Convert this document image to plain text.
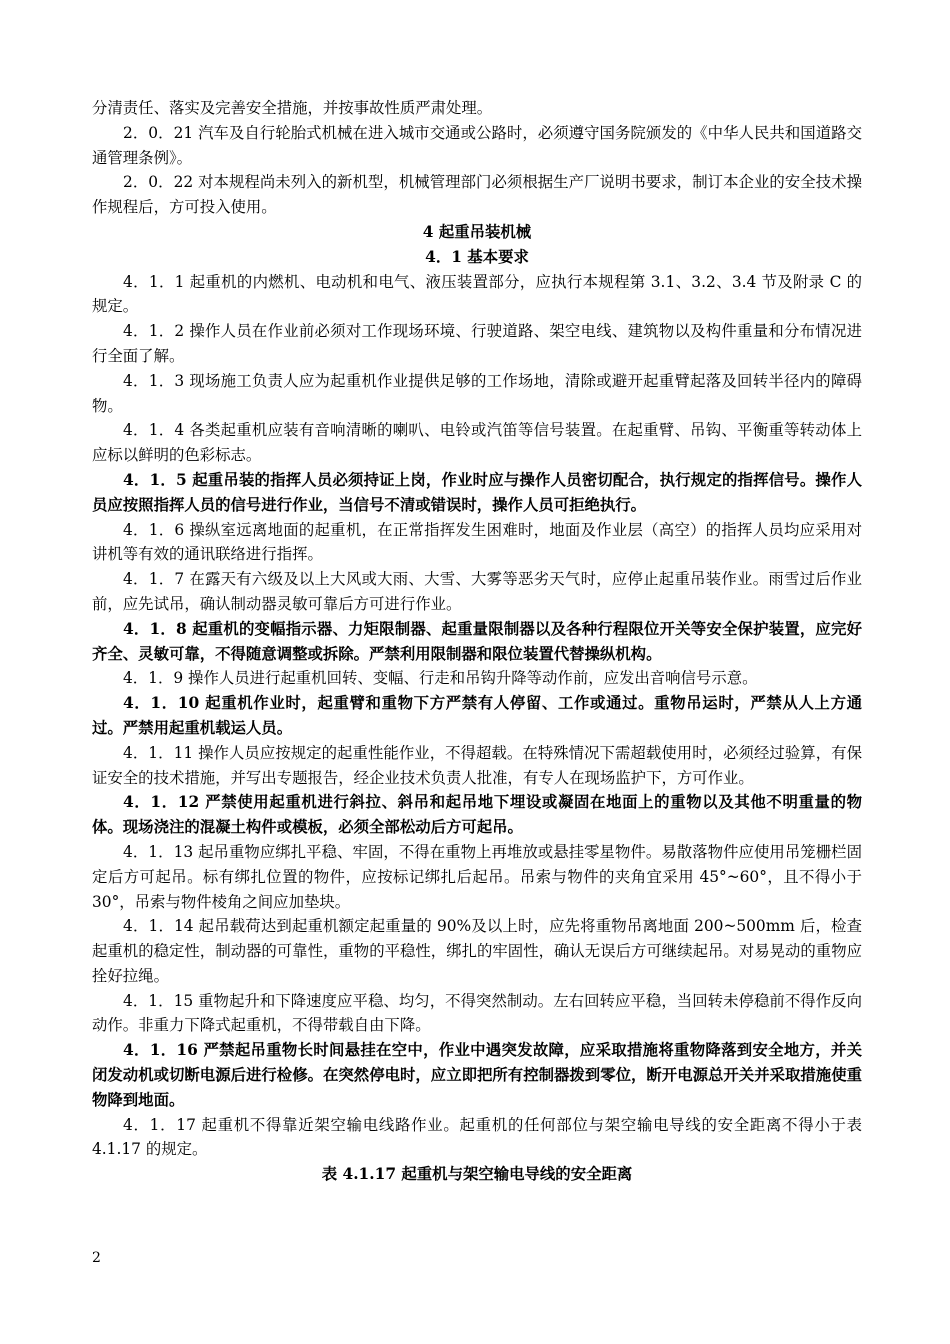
分清责任、落实及完善安全措施，并按事故性质严肃处理。

2．0．21 汽车及自行轮胎式机械在进入城市交通或公路时，必须遵守国务院颁发的《中华人民共和国道路交通管理条例》。

2．0．22 对本规程尚未列入的新机型，机械管理部门必须根据生产厂说明书要求，制订本企业的安全技术操作规程后，方可投入使用。

4 起重吊装机械
4．1 基本要求

4．1．1 起重机的内燃机、电动机和电气、液压装置部分，应执行本规程第 3.1、3.2、3.4 节及附录 C 的规定。

4．1．2 操作人员在作业前必须对工作现场环境、行驶道路、架空电线、建筑物以及构件重量和分布情况进行全面了解。

4．1．3 现场施工负责人应为起重机作业提供足够的工作场地，清除或避开起重臂起落及回转半径内的障碍物。

4．1．4 各类起重机应装有音响清晰的喇叭、电铃或汽笛等信号装置。在起重臂、吊钩、平衡重等转动体上应标以鲜明的色彩标志。

4．1．5 起重吊装的指挥人员必须持证上岗，作业时应与操作人员密切配合，执行规定的指挥信号。操作人员应按照指挥人员的信号进行作业，当信号不清或错误时，操作人员可拒绝执行。

4．1．6 操纵室远离地面的起重机，在正常指挥发生困难时，地面及作业层（高空）的指挥人员均应采用对讲机等有效的通讯联络进行指挥。

4．1．7 在露天有六级及以上大风或大雨、大雪、大雾等恶劣天气时，应停止起重吊装作业。雨雪过后作业前，应先试吊，确认制动器灵敏可靠后方可进行作业。

4．1．8 起重机的变幅指示器、力矩限制器、起重量限制器以及各种行程限位开关等安全保护装置，应完好齐全、灵敏可靠，不得随意调整或拆除。严禁利用限制器和限位装置代替操纵机构。

4．1．9 操作人员进行起重机回转、变幅、行走和吊钩升降等动作前，应发出音响信号示意。

4．1．10 起重机作业时，起重臂和重物下方严禁有人停留、工作或通过。重物吊运时，严禁从人上方通过。严禁用起重机载运人员。

4．1．11 操作人员应按规定的起重性能作业，不得超载。在特殊情况下需超载使用时，必须经过验算，有保证安全的技术措施，并写出专题报告，经企业技术负责人批准，有专人在现场监护下，方可作业。

4．1．12 严禁使用起重机进行斜拉、斜吊和起吊地下埋设或凝固在地面上的重物以及其他不明重量的物体。现场浇注的混凝土构件或模板，必须全部松动后方可起吊。

4．1．13 起吊重物应绑扎平稳、牢固，不得在重物上再堆放或悬挂零星物件。易散落物件应使用吊笼栅栏固定后方可起吊。标有绑扎位置的物件，应按标记绑扎后起吊。吊索与物件的夹角宜采用 45°~60°，且不得小于 30°，吊索与物件棱角之间应加垫块。

4．1．14 起吊载荷达到起重机额定起重量的 90%及以上时，应先将重物吊离地面 200~500mm 后，检查起重机的稳定性，制动器的可靠性，重物的平稳性，绑扎的牢固性，确认无误后方可继续起吊。对易晃动的重物应拴好拉绳。

4．1．15 重物起升和下降速度应平稳、均匀，不得突然制动。左右回转应平稳，当回转未停稳前不得作反向动作。非重力下降式起重机，不得带载自由下降。

4．1．16 严禁起吊重物长时间悬挂在空中，作业中遇突发故障，应采取措施将重物降落到安全地方，并关闭发动机或切断电源后进行检修。在突然停电时，应立即把所有控制器拨到零位，断开电源总开关并采取措施使重物降到地面。

4．1．17 起重机不得靠近架空输电线路作业。起重机的任何部位与架空输电导线的安全距离不得小于表 4.1.17 的规定。

表 4.1.17 起重机与架空输电导线的安全距离
2
